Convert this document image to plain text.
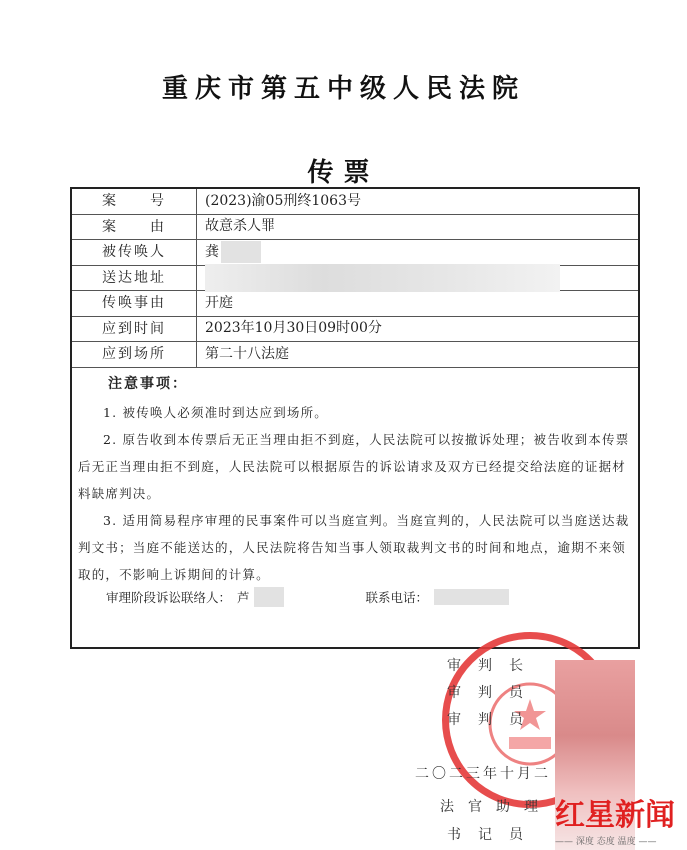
重庆市第五中级人民法院
传票
案　　号	(2023)渝05刑终1063号
案　　由	故意杀人罪
被传唤人	龚
送达地址
传唤事由	开庭
应到时间	2023年10月30日09时00分
应到场所	第二十八法庭
注意事项：

1. 被传唤人必须准时到达应到场所。

2. 原告收到本传票后无正当理由拒不到庭，人民法院可以按撤诉处理；被告收到本传票后无正当理由拒不到庭，人民法院可以根据原告的诉讼请求及双方已经提交给法庭的证据材料缺席判决。

3. 适用简易程序审理的民事案件可以当庭宣判。当庭宣判的，人民法院可以当庭送达裁判文书；当庭不能送达的，人民法院将告知当事人领取裁判文书的时间和地点，逾期不来领取的，不影响上诉期间的计算。

审理阶段诉讼联络人： 芦	联系电话：
审判长
审判员
审判员
二〇二三年十月二
法官助理
书记员
红星新闻
—— 深度 态度 温度 ——
